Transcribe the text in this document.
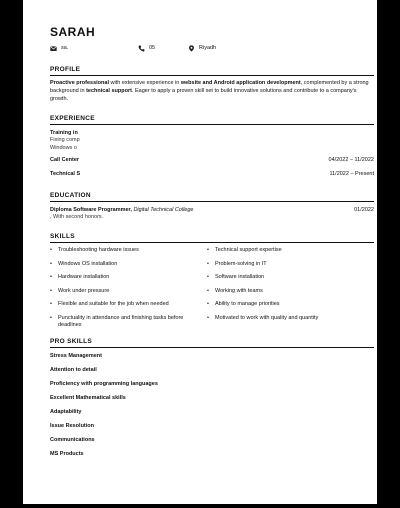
SARAH
sa.	05	Riyadh
PROFILE
Proactive professional with extensive experience in website and Android application development, complemented by a strong background in technical support. Eager to apply a proven skill set to build innovative solutions and contribute to a company's growth.
EXPERIENCE
Training in
Fixing comp
Windows o
Call Center	04/2022 – 11/2022
Technical S	11/2022 – Present
EDUCATION
Diploma Software Programmer, Digital Technical College	01/2022
, With second honors.
SKILLS
•	Troubleshooting hardware issues
•	Windows OS installation
•	Hardware installation
•	Work under pressure
•	Flexible and suitable for the job when needed
•	Punctuality in attendance and finishing tasks before deadlines
•	Technical support expertise
•	Problem-solving in IT
•	Software installation
•	Working with teams
•	Ability to manage priorities
•	Motivated to work with quality and quantity
PRO SKILLS
Stress Management
Attention to detail
Proficiency with programming languages
Excellent Mathematical skills
Adaptability
Issue Resolution
Communications
MS Products
